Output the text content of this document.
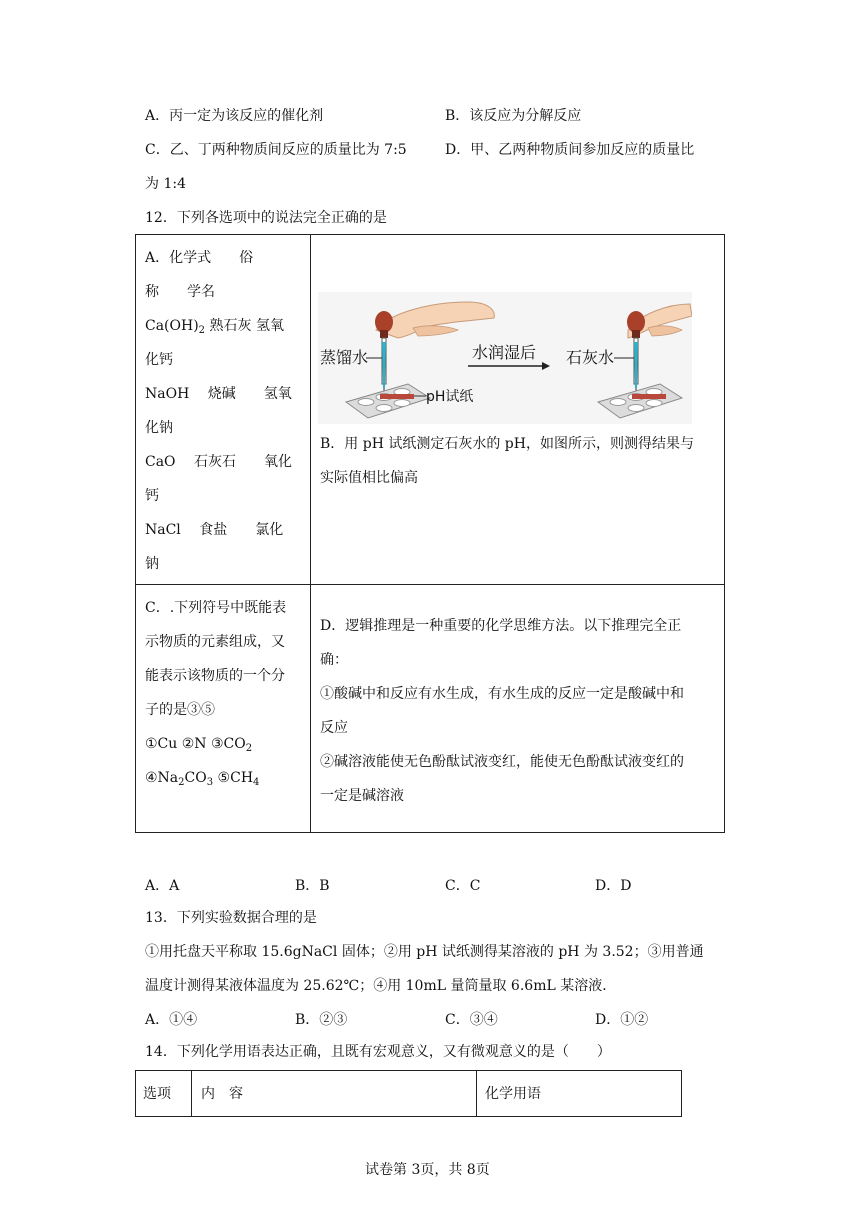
A．丙一定为该反应的催化剂	B．该反应为分解反应
C．乙、丁两种物质间反应的质量比为 7:5	D．甲、乙两种物质间参加反应的质量比
为 1:4
12．下列各选项中的说法完全正确的是
A．化学式　　俗
称　　学名
$Ca(OH)_2$ 熟石灰 氢氧
化钙
NaOH　 烧碱　　氢氧
化钠
CaO　 石灰石　　氧化
钙
NaCl　 食盐　　氯化
钠
蒸馏水	水润湿后 石灰水
pH试纸
B．用 pH 试纸测定石灰水的 pH，如图所示，则测得结果与
实际值相比偏高
C．.下列符号中既能表
示物质的元素组成，又
能表示该物质的一个分
子的是③⑤
①Cu ②N $③CO_2$
$④Na_2CO_3$ $⑤CH_4$
D．逻辑推理是一种重要的化学思维方法。以下推理完全正
确：
①酸碱中和反应有水生成，有水生成的反应一定是酸碱中和
反应
②碱溶液能使无色酚酞试液变红，能使无色酚酞试液变红的
一定是碱溶液
A．A	B．B	C．C	D．D
13．下列实验数据合理的是
①用托盘天平称取 15.6gNaCl 固体；②用 pH 试纸测得某溶液的 pH 为 3.52；③用普通
温度计测得某液体温度为 25.62℃；④用 10mL 量筒量取 6.6mL 某溶液．
A．①④	B．②③	C．③④	D．①②
14．下列化学用语表达正确，且既有宏观意义，又有微观意义的是（　　）
选项 内　容	化学用语
试卷第 3页，共 8页
